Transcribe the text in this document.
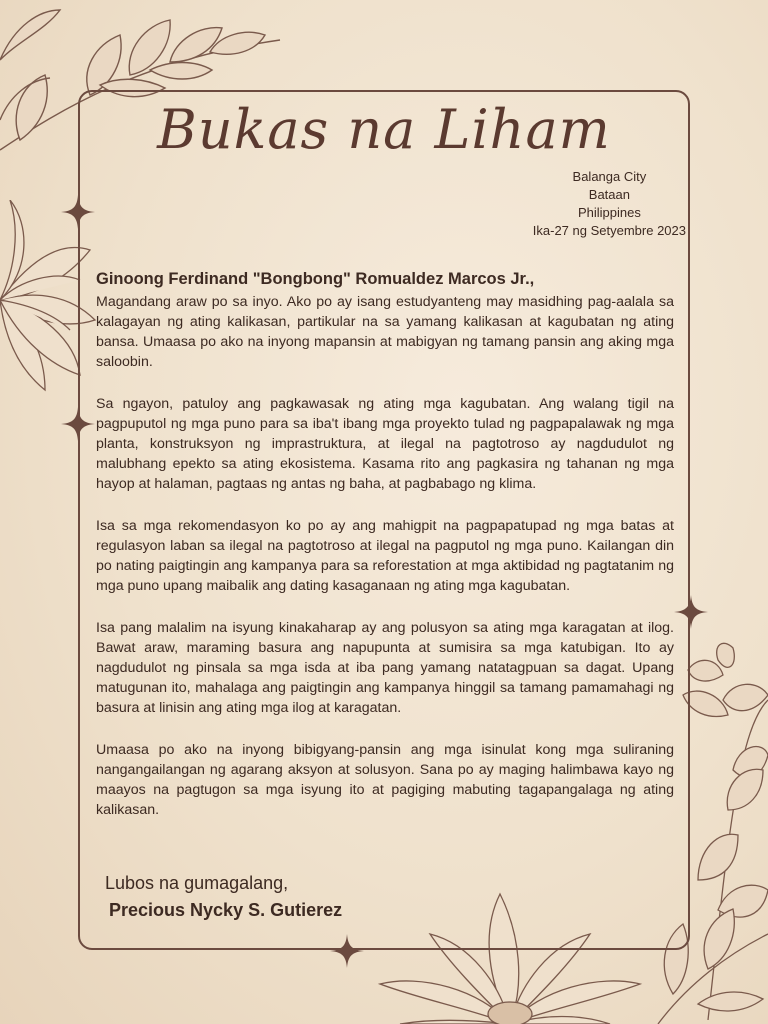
Bukas na Liham
Balanga City
Bataan
Philippines
Ika-27 ng Setyembre 2023
Ginoong Ferdinand "Bongbong" Romualdez Marcos Jr.,

Magandang araw po sa inyo. Ako po ay isang estudyanteng may masidhing pag-aalala sa kalagayan ng ating kalikasan, partikular na sa yamang kalikasan at kagubatan ng ating bansa. Umaasa po ako na inyong mapansin at mabigyan ng tamang pansin ang aking mga saloobin.

Sa ngayon, patuloy ang pagkawasak ng ating mga kagubatan. Ang walang tigil na pagpuputol ng mga puno para sa iba't ibang mga proyekto tulad ng pagpapalawak ng mga planta, konstruksyon ng imprastruktura, at ilegal na pagtotroso ay nagdudulot ng malubhang epekto sa ating ekosistema. Kasama rito ang pagkasira ng tahanan ng mga hayop at halaman, pagtaas ng antas ng baha, at pagbabago ng klima.

Isa sa mga rekomendasyon ko po ay ang mahigpit na pagpapatupad ng mga batas at regulasyon laban sa ilegal na pagtotroso at ilegal na pagputol ng mga puno. Kailangan din po nating paigtingin ang kampanya para sa reforestation at mga aktibidad ng pagtatanim ng mga puno upang maibalik ang dating kasaganaan ng ating mga kagubatan.

Isa pang malalim na isyung kinakaharap ay ang polusyon sa ating mga karagatan at ilog. Bawat araw, maraming basura ang napupunta at sumisira sa mga katubigan. Ito ay nagdudulot ng pinsala sa mga isda at iba pang yamang natatagpuan sa dagat. Upang matugunan ito, mahalaga ang paigtingin ang kampanya hinggil sa tamang pamamahagi ng basura at linisin ang ating mga ilog at karagatan.

Umaasa po ako na inyong bibigyang-pansin ang mga isinulat kong mga suliraning nangangailangan ng agarang aksyon at solusyon. Sana po ay maging halimbawa kayo ng maayos na pagtugon sa mga isyung ito at pagiging mabuting tagapangalaga ng ating kalikasan.

Lubos na gumagalang,
Precious Nycky S. Gutierez
